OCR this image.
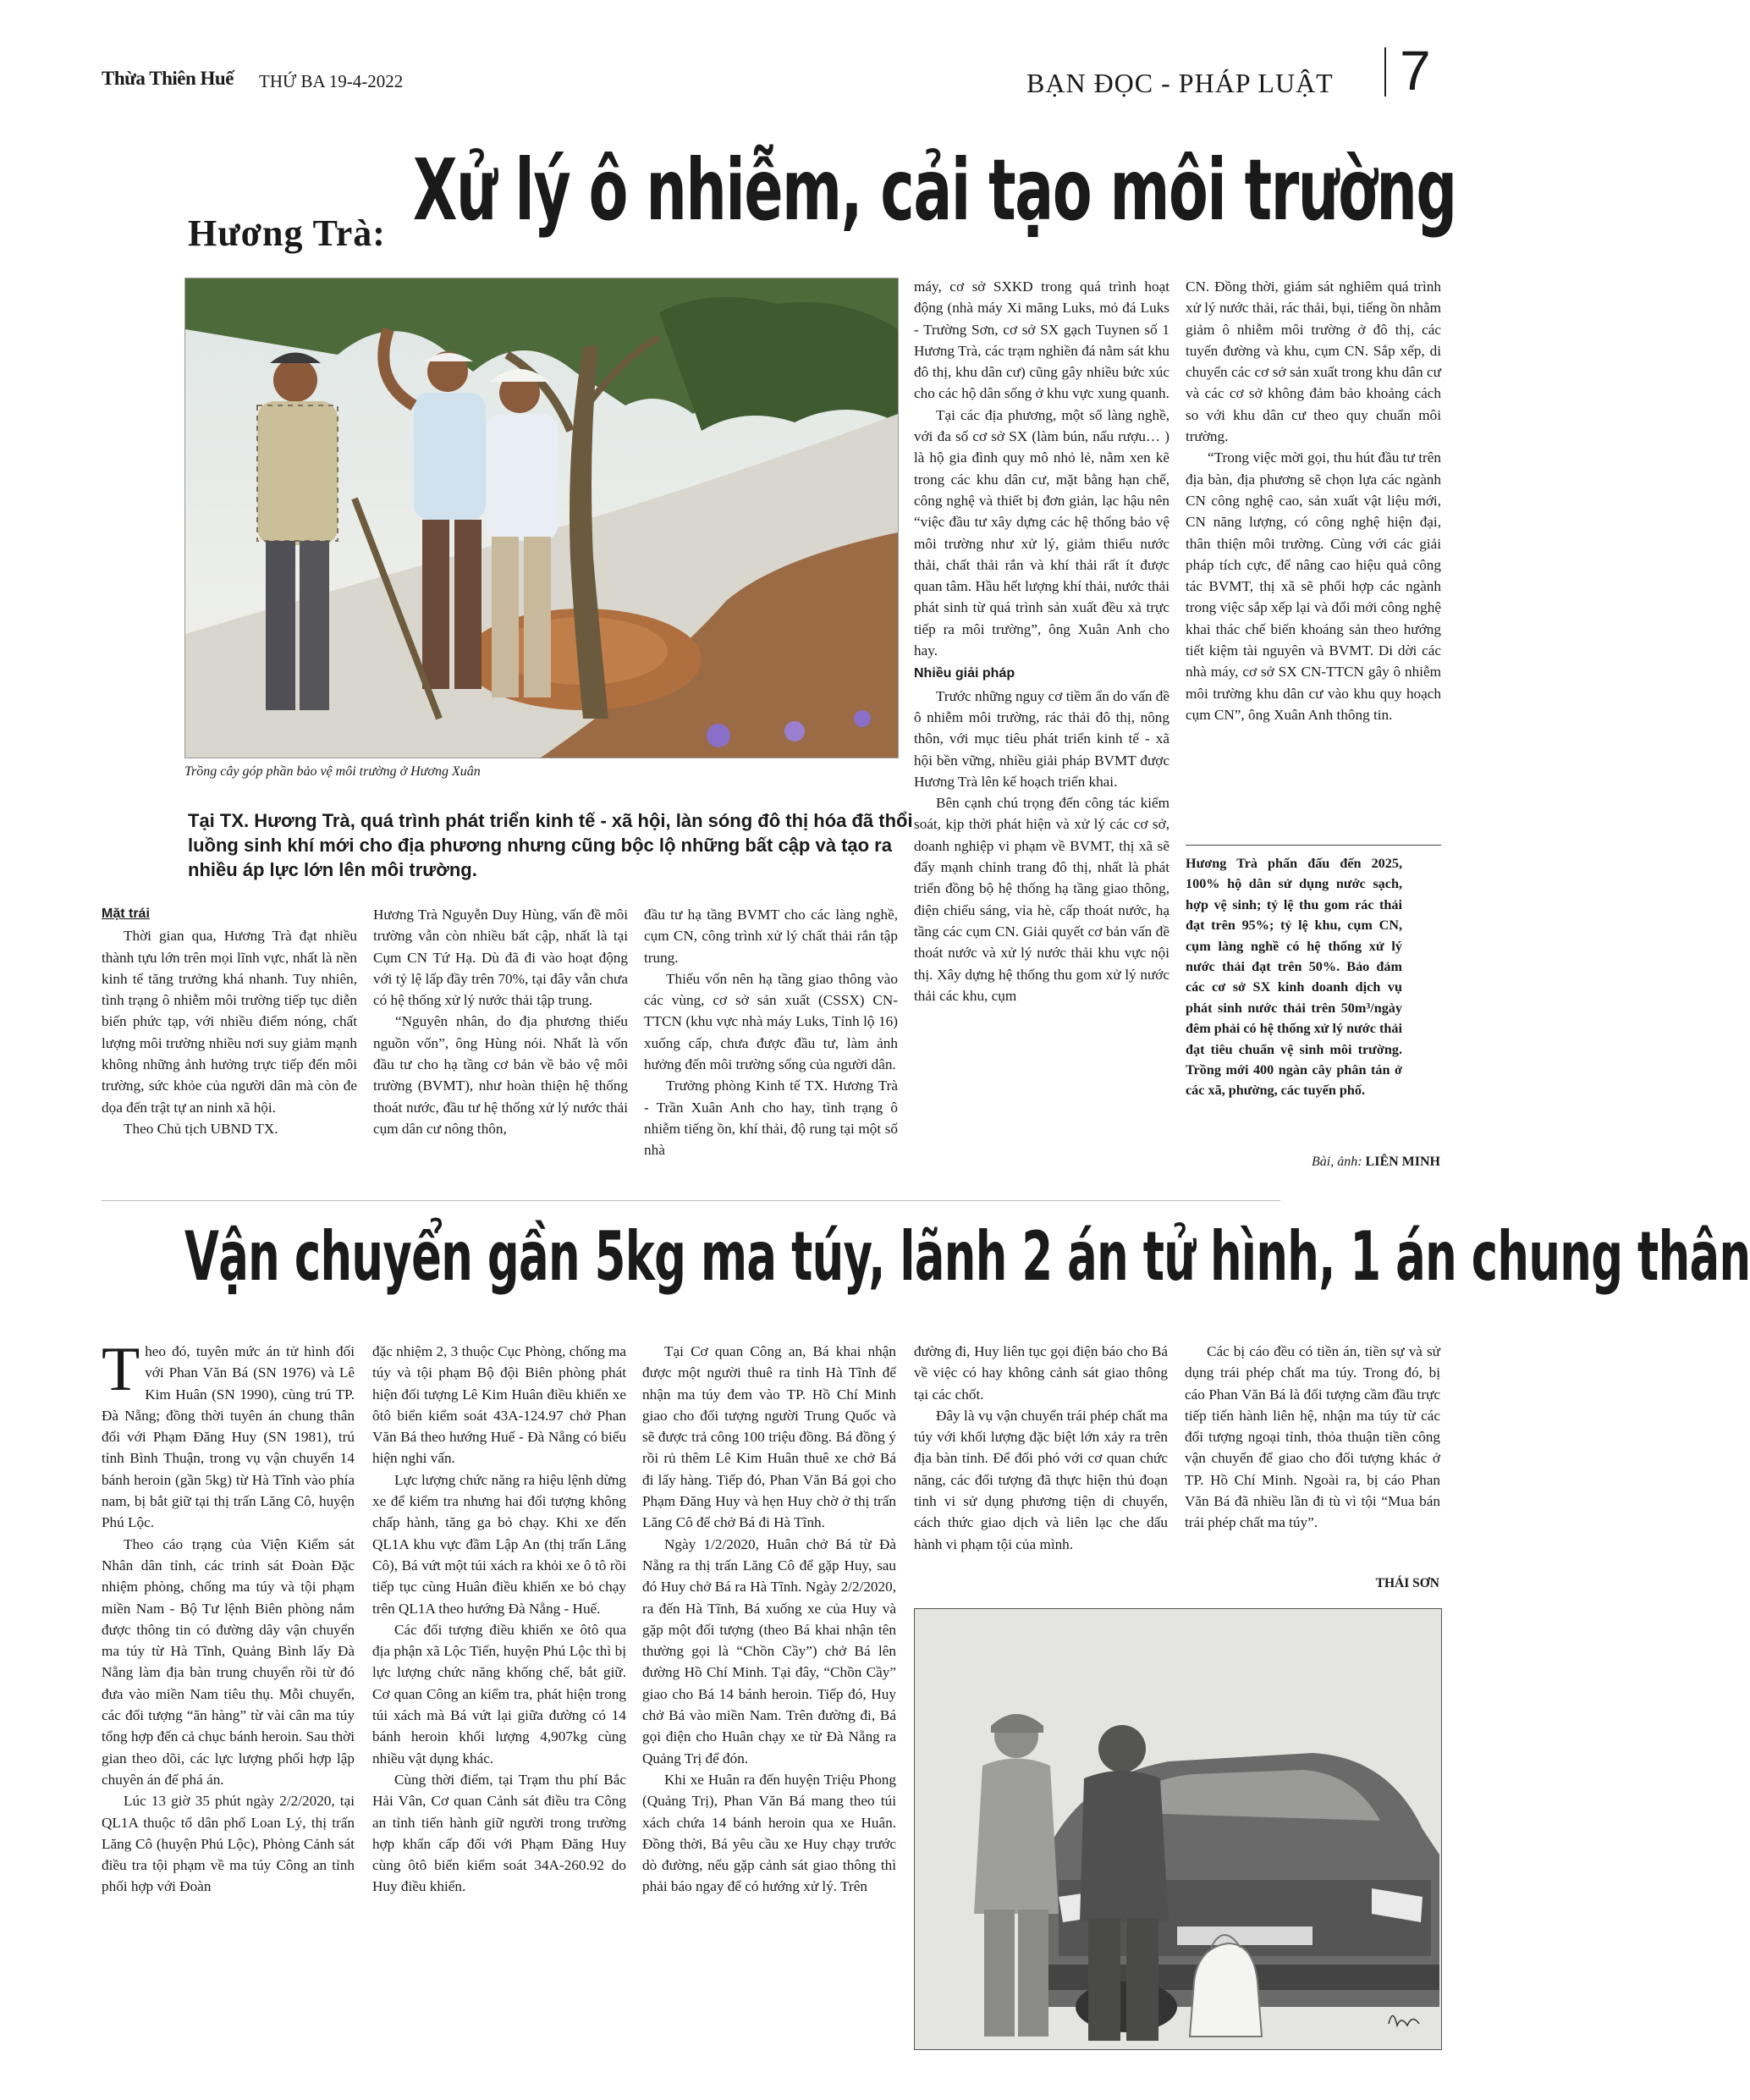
Thừa Thiên Huế THỨ BA 19-4-2022	BẠN ĐỌC - PHÁP LUẬT 7
Hương Trà: Xử lý ô nhiễm, cải tạo môi trường
Trồng cây góp phần bảo vệ môi trường ở Hương Xuân
Tại TX. Hương Trà, quá trình phát triển kinh tế - xã hội, làn sóng đô thị hóa đã thổi luồng sinh khí mới cho địa phương nhưng cũng bộc lộ những bất cập và tạo ra nhiều áp lực lớn lên môi trường.
Mặt trái

Thời gian qua, Hương Trà đạt nhiều thành tựu lớn trên mọi lĩnh vực, nhất là nền kinh tế tăng trưởng khá nhanh. Tuy nhiên, tình trạng ô nhiễm môi trường tiếp tục diễn biến phức tạp, với nhiều điểm nóng, chất lượng môi trường nhiều nơi suy giảm mạnh không những ảnh hưởng trực tiếp đến môi trường, sức khỏe của người dân mà còn đe dọa đến trật tự an ninh xã hội.

Theo Chủ tịch UBND TX.

Hương Trà Nguyễn Duy Hùng, vấn đề môi trường vẫn còn nhiều bất cập, nhất là tại Cụm CN Tứ Hạ. Dù đã đi vào hoạt động với tỷ lệ lấp đầy trên 70%, tại đây vẫn chưa có hệ thống xử lý nước thải tập trung.

“Nguyên nhân, do địa phương thiếu nguồn vốn”, ông Hùng nói. Nhất là vốn đầu tư cho hạ tầng cơ bản về bảo vệ môi trường (BVMT), như hoàn thiện hệ thống thoát nước, đầu tư hệ thống xử lý nước thải cụm dân cư nông thôn,

đầu tư hạ tầng BVMT cho các làng nghề, cụm CN, công trình xử lý chất thải rắn tập trung.

Thiếu vốn nên hạ tầng giao thông vào các vùng, cơ sở sản xuất (CSSX) CN- TTCN (khu vực nhà máy Luks, Tỉnh lộ 16) xuống cấp, chưa được đầu tư, làm ảnh hưởng đến môi trường sống của người dân.

Trưởng phòng Kinh tế TX. Hương Trà - Trần Xuân Anh cho hay, tình trạng ô nhiễm tiếng ồn, khí thải, độ rung tại một số nhà

máy, cơ sở SXKD trong quá trình hoạt động (nhà máy Xi măng Luks, mỏ đá Luks - Trường Sơn, cơ sở SX gạch Tuynen số 1 Hương Trà, các trạm nghiền đá nằm sát khu đô thị, khu dân cư) cũng gây nhiều bức xúc cho các hộ dân sống ở khu vực xung quanh.

Tại các địa phương, một số làng nghề, với đa số cơ sở SX (làm bún, nấu rượu… ) là hộ gia đình quy mô nhỏ lẻ, nằm xen kẽ trong các khu dân cư, mặt bằng hạn chế, công nghệ và thiết bị đơn giản, lạc hậu nên “việc đầu tư xây dựng các hệ thống bảo vệ môi trường như xử lý, giảm thiểu nước thải, chất thải rắn và khí thải rất ít được quan tâm. Hầu hết lượng khí thải, nước thải phát sinh từ quá trình sản xuất đều xả trực tiếp ra môi trường”, ông Xuân Anh cho hay.

Nhiều giải pháp

Trước những nguy cơ tiềm ẩn do vấn đề ô nhiễm môi trường, rác thải đô thị, nông thôn, với mục tiêu phát triển kinh tế - xã hội bền vững, nhiều giải pháp BVMT được Hương Trà lên kế hoạch triển khai.

Bên cạnh chú trọng đến công tác kiểm soát, kịp thời phát hiện và xử lý các cơ sở, doanh nghiệp vi phạm về BVMT, thị xã sẽ đẩy mạnh chỉnh trang đô thị, nhất là phát triển đồng bộ hệ thống hạ tầng giao thông, điện chiếu sáng, vỉa hè, cấp thoát nước, hạ tầng các cụm CN. Giải quyết cơ bản vấn đề thoát nước và xử lý nước thải khu vực nội thị. Xây dựng hệ thống thu gom xử lý nước thải các khu, cụm

CN. Đồng thời, giám sát nghiêm quá trình xử lý nước thải, rác thải, bụi, tiếng ồn nhằm giảm ô nhiễm môi trường ở đô thị, các tuyến đường và khu, cụm CN. Sắp xếp, di chuyển các cơ sở sản xuất trong khu dân cư và các cơ sở không đảm bảo khoảng cách so với khu dân cư theo quy chuẩn môi trường.

“Trong việc mời gọi, thu hút đầu tư trên địa bàn, địa phương sẽ chọn lựa các ngành CN công nghệ cao, sản xuất vật liệu mới, CN năng lượng, có công nghệ hiện đại, thân thiện môi trường. Cùng với các giải pháp tích cực, để nâng cao hiệu quả công tác BVMT, thị xã sẽ phối hợp các ngành trong việc sắp xếp lại và đổi mới công nghệ khai thác chế biến khoáng sản theo hướng tiết kiệm tài nguyên và BVMT. Di dời các nhà máy, cơ sở SX CN-TTCN gây ô nhiễm môi trường khu dân cư vào khu quy hoạch cụm CN”, ông Xuân Anh thông tin.

Hương Trà phấn đấu đến 2025, 100% hộ dân sử dụng nước sạch, hợp vệ sinh; tỷ lệ thu gom rác thải đạt trên 95%; tỷ lệ khu, cụm CN, cụm làng nghề có hệ thống xử lý nước thải đạt trên 50%. Bảo đảm các cơ sở SX kinh doanh dịch vụ phát sinh nước thải trên 50m³/ngày đêm phải có hệ thống xử lý nước thải đạt tiêu chuẩn vệ sinh môi trường. Trồng mới 400 ngàn cây phân tán ở các xã, phường, các tuyến phố.
Bài, ảnh: LIÊN MINH
Vận chuyển gần 5kg ma túy, lãnh 2 án tử hình, 1 án chung thân

Theo đó, tuyên mức án tử hình đối với Phan Văn Bá (SN 1976) và Lê Kim Huân (SN 1990), cùng trú TP. Đà Nẵng; đồng thời tuyên án chung thân đối với Phạm Đăng Huy (SN 1981), trú tỉnh Bình Thuận, trong vụ vận chuyển 14 bánh heroin (gần 5kg) từ Hà Tĩnh vào phía nam, bị bắt giữ tại thị trấn Lăng Cô, huyện Phú Lộc.

Theo cáo trạng của Viện Kiểm sát Nhân dân tỉnh, các trinh sát Đoàn Đặc nhiệm phòng, chống ma túy và tội phạm miền Nam - Bộ Tư lệnh Biên phòng nắm được thông tin có đường dây vận chuyển ma túy từ Hà Tĩnh, Quảng Bình lấy Đà Nẵng làm địa bàn trung chuyển rồi từ đó đưa vào miền Nam tiêu thụ. Mỗi chuyến, các đối tượng “ăn hàng” từ vài cân ma túy tổng hợp đến cả chục bánh heroin. Sau thời gian theo dõi, các lực lượng phối hợp lập chuyên án để phá án.

Lúc 13 giờ 35 phút ngày 2/2/2020, tại QL1A thuộc tổ dân phố Loan Lý, thị trấn Lăng Cô (huyện Phú Lộc), Phòng Cảnh sát điều tra tội phạm về ma túy Công an tỉnh phối hợp với Đoàn

đặc nhiệm 2, 3 thuộc Cục Phòng, chống ma túy và tội phạm Bộ đội Biên phòng phát hiện đối tượng Lê Kim Huân điều khiển xe ôtô biển kiểm soát 43A-124.97 chở Phan Văn Bá theo hướng Huế - Đà Nẵng có biểu hiện nghi vấn.

Lực lượng chức năng ra hiệu lệnh dừng xe để kiểm tra nhưng hai đối tượng không chấp hành, tăng ga bỏ chạy. Khi xe đến QL1A khu vực đầm Lập An (thị trấn Lăng Cô), Bá vứt một túi xách ra khỏi xe ô tô rồi tiếp tục cùng Huân điều khiển xe bỏ chạy trên QL1A theo hướng Đà Nẵng - Huế.

Các đối tượng điều khiển xe ôtô qua địa phận xã Lộc Tiến, huyện Phú Lộc thì bị lực lượng chức năng khống chế, bắt giữ. Cơ quan Công an kiểm tra, phát hiện trong túi xách mà Bá vứt lại giữa đường có 14 bánh heroin khối lượng 4,907kg cùng nhiều vật dụng khác.

Cùng thời điểm, tại Trạm thu phí Bắc Hải Vân, Cơ quan Cảnh sát điều tra Công an tỉnh tiến hành giữ người trong trường hợp khẩn cấp đối với Phạm Đăng Huy cùng ôtô biển kiểm soát 34A-260.92 do Huy điều khiển.

Tại Cơ quan Công an, Bá khai nhận được một người thuê ra tỉnh Hà Tĩnh để nhận ma túy đem vào TP. Hồ Chí Minh giao cho đối tượng người Trung Quốc và sẽ được trả công 100 triệu đồng. Bá đồng ý rồi rủ thêm Lê Kim Huân thuê xe chở Bá đi lấy hàng. Tiếp đó, Phan Văn Bá gọi cho Phạm Đăng Huy và hẹn Huy chờ ở thị trấn Lăng Cô để chở Bá đi Hà Tĩnh.

Ngày 1/2/2020, Huân chở Bá từ Đà Nẵng ra thị trấn Lăng Cô để gặp Huy, sau đó Huy chở Bá ra Hà Tĩnh. Ngày 2/2/2020, ra đến Hà Tĩnh, Bá xuống xe của Huy và gặp một đối tượng (theo Bá khai nhận tên thường gọi là “Chồn Cầy”) chở Bá lên đường Hồ Chí Minh. Tại đây, “Chồn Cầy” giao cho Bá 14 bánh heroin. Tiếp đó, Huy chở Bá vào miền Nam. Trên đường đi, Bá gọi điện cho Huân chạy xe từ Đà Nẵng ra Quảng Trị để đón.

Khi xe Huân ra đến huyện Triệu Phong (Quảng Trị), Phan Văn Bá mang theo túi xách chứa 14 bánh heroin qua xe Huân. Đồng thời, Bá yêu cầu xe Huy chạy trước dò đường, nếu gặp cảnh sát giao thông thì phải báo ngay để có hướng xử lý. Trên

đường đi, Huy liên tục gọi điện báo cho Bá về việc có hay không cảnh sát giao thông tại các chốt.

Đây là vụ vận chuyển trái phép chất ma túy với khối lượng đặc biệt lớn xảy ra trên địa bàn tỉnh. Để đối phó với cơ quan chức năng, các đối tượng đã thực hiện thủ đoạn tinh vi sử dụng phương tiện di chuyển, cách thức giao dịch và liên lạc che dấu hành vi phạm tội của mình.

Các bị cáo đều có tiền án, tiền sự và sử dụng trái phép chất ma túy. Trong đó, bị cáo Phan Văn Bá là đối tượng cầm đầu trực tiếp tiến hành liên hệ, nhận ma túy từ các đối tượng ngoại tỉnh, thỏa thuận tiền công vận chuyển để giao cho đối tượng khác ở TP. Hồ Chí Minh. Ngoài ra, bị cáo Phan Văn Bá đã nhiều lần đi tù vì tội “Mua bán trái phép chất ma túy”.

THÁI SƠN
